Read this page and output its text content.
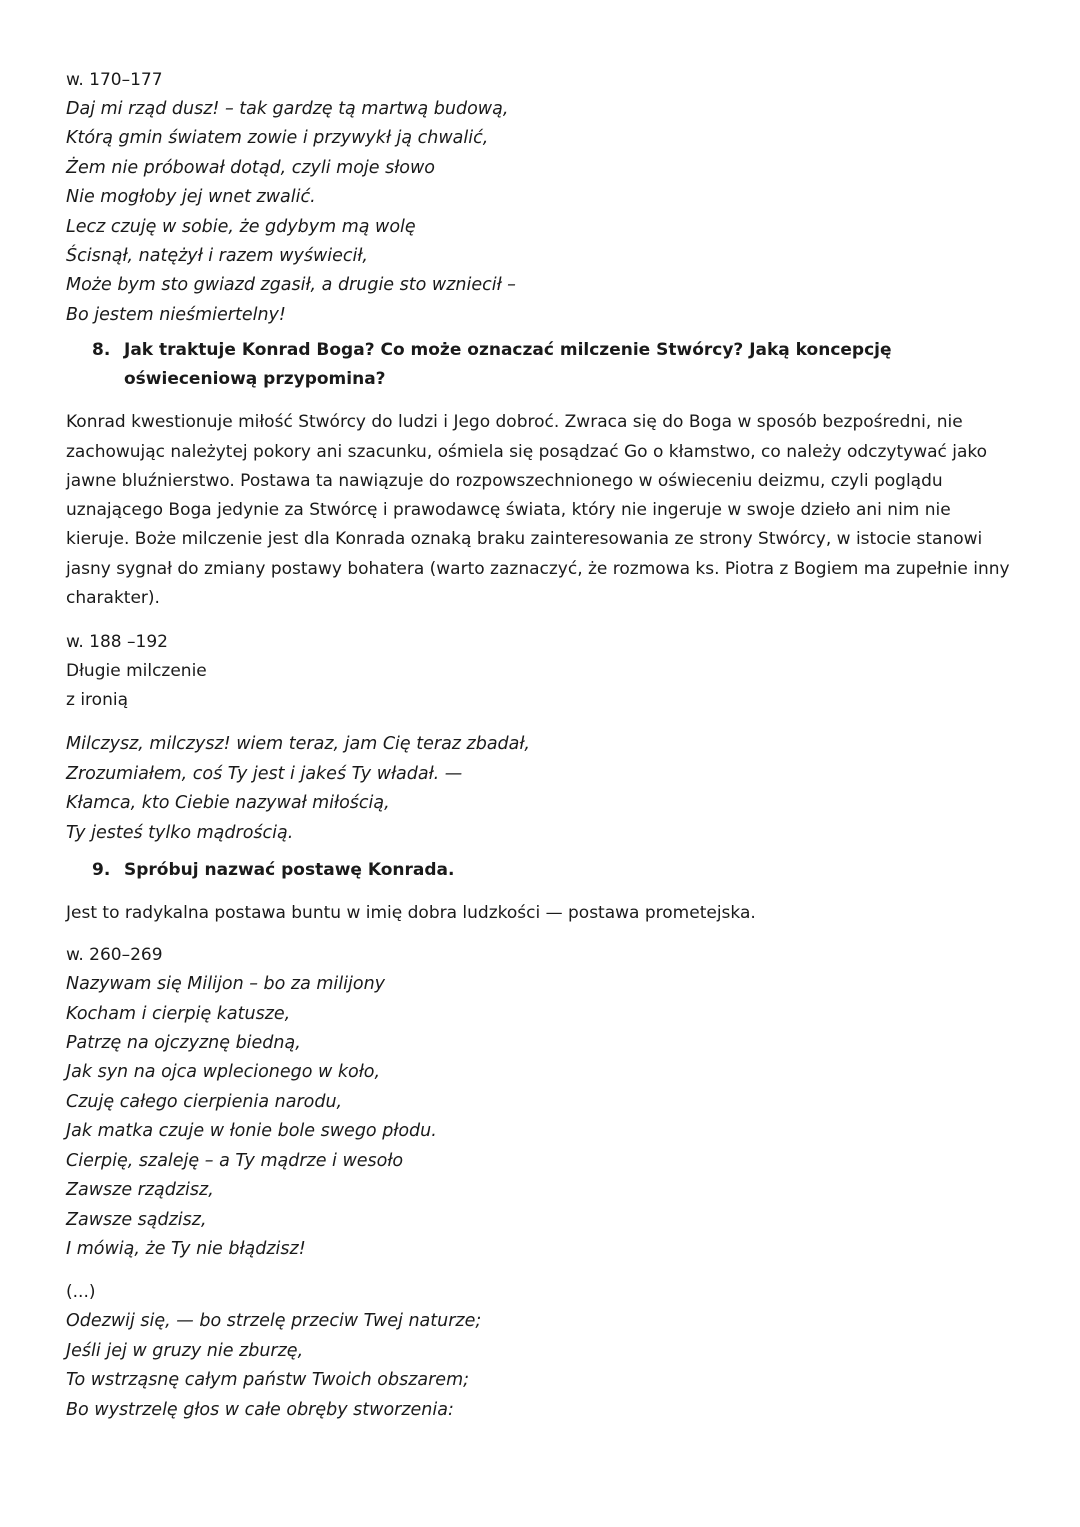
w. 170–177

Daj mi rząd dusz! – tak gardzę tą martwą budową,
Którą gmin światem zowie i przywykł ją chwalić,
Żem nie próbował dotąd, czyli moje słowo
Nie mogłoby jej wnet zwalić.
Lecz czuję w sobie, że gdybym mą wolę
Ścisnął, natężył i razem wyświecił,
Może bym sto gwiazd zgasił, a drugie sto wzniecił –
Bo jestem nieśmiertelny!
8. Jak traktuje Konrad Boga? Co może oznaczać milczenie Stwórcy? Jaką koncepcję oświeceniową przypomina?

Konrad kwestionuje miłość Stwórcy do ludzi i Jego dobroć. Zwraca się do Boga w sposób bezpośredni, nie zachowując należytej pokory ani szacunku, ośmiela się posądzać Go o kłamstwo, co należy odczytywać jako jawne bluźnierstwo. Postawa ta nawiązuje do rozpowszechnionego w oświeceniu deizmu, czyli poglądu uznającego Boga jedynie za Stwórcę i prawodawcę świata, który nie ingeruje w swoje dzieło ani nim nie kieruje. Boże milczenie jest dla Konrada oznaką braku zainteresowania ze strony Stwórcy, w istocie stanowi jasny sygnał do zmiany postawy bohatera (warto zaznaczyć, że rozmowa ks. Piotra z Bogiem ma zupełnie inny charakter).

w. 188 –192

Długie milczenie
z ironią
Milczysz, milczysz! wiem teraz, jam Cię teraz zbadał,
Zrozumiałem, coś Ty jest i jakeś Ty władał. —
Kłamca, kto Ciebie nazywał miłością,
Ty jesteś tylko mądrością.
9. Spróbuj nazwać postawę Konrada.

Jest to radykalna postawa buntu w imię dobra ludzkości — postawa prometejska.

w. 260–269

Nazywam się Milijon – bo za milijony
Kocham i cierpię katusze,
Patrzę na ojczyznę biedną,
Jak syn na ojca wplecionego w koło,
Czuję całego cierpienia narodu,
Jak matka czuje w łonie bole swego płodu.
Cierpię, szaleję – a Ty mądrze i wesoło
Zawsze rządzisz,
Zawsze sądzisz,
I mówią, że Ty nie błądzisz!
(...)
Odezwij się, — bo strzelę przeciw Twej naturze;
Jeśli jej w gruzy nie zburzę,
To wstrząsnę całym państw Twoich obszarem;
Bo wystrzelę głos w całe obręby stworzenia:
